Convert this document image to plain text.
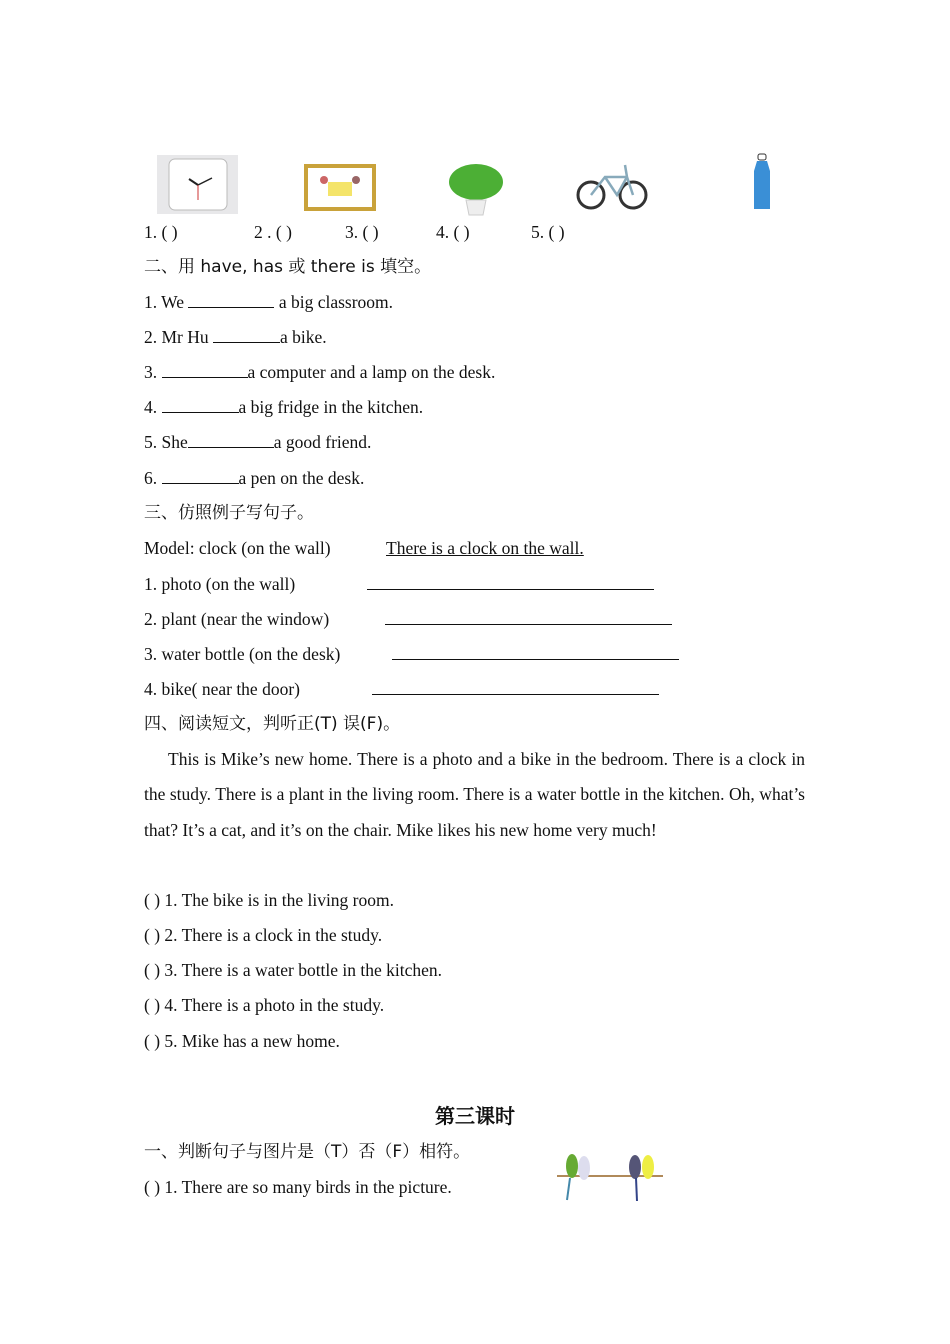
1. ( )	2 . ( )	3. ( )	4. ( )	5. ( )
二、用 have, has 或 there is 填空。
1. We	a big classroom.
2. Mr Hu	a bike.
3.	a computer and a lamp on the desk.
4.	a big fridge in the kitchen.
5. She	a good friend.
6.	a pen on the desk.
三、仿照例子写句子。
Model: clock (on the wall)	There is a clock on the wall.
1. photo (on the wall)
2. plant (near the window)
3. water bottle (on the desk)
4. bike( near the door)
四、阅读短文，判听正(T) 误(F)。
This is Mike’s new home. There is a photo and a bike in the bedroom. There is a clock in the study. There is a plant in the living room. There is a water bottle in the kitchen. Oh, what’s that? It’s a cat, and it’s on the chair. Mike likes his new home very much!
( ) 1. The bike is in the living room.
( ) 2. There is a clock in the study.
( ) 3. There is a water bottle in the kitchen.
( ) 4. There is a photo in the study.
( ) 5. Mike has a new home.
第三课时
一、判断句子与图片是（T）否（F）相符。
( ) 1. There are so many birds in the picture.
